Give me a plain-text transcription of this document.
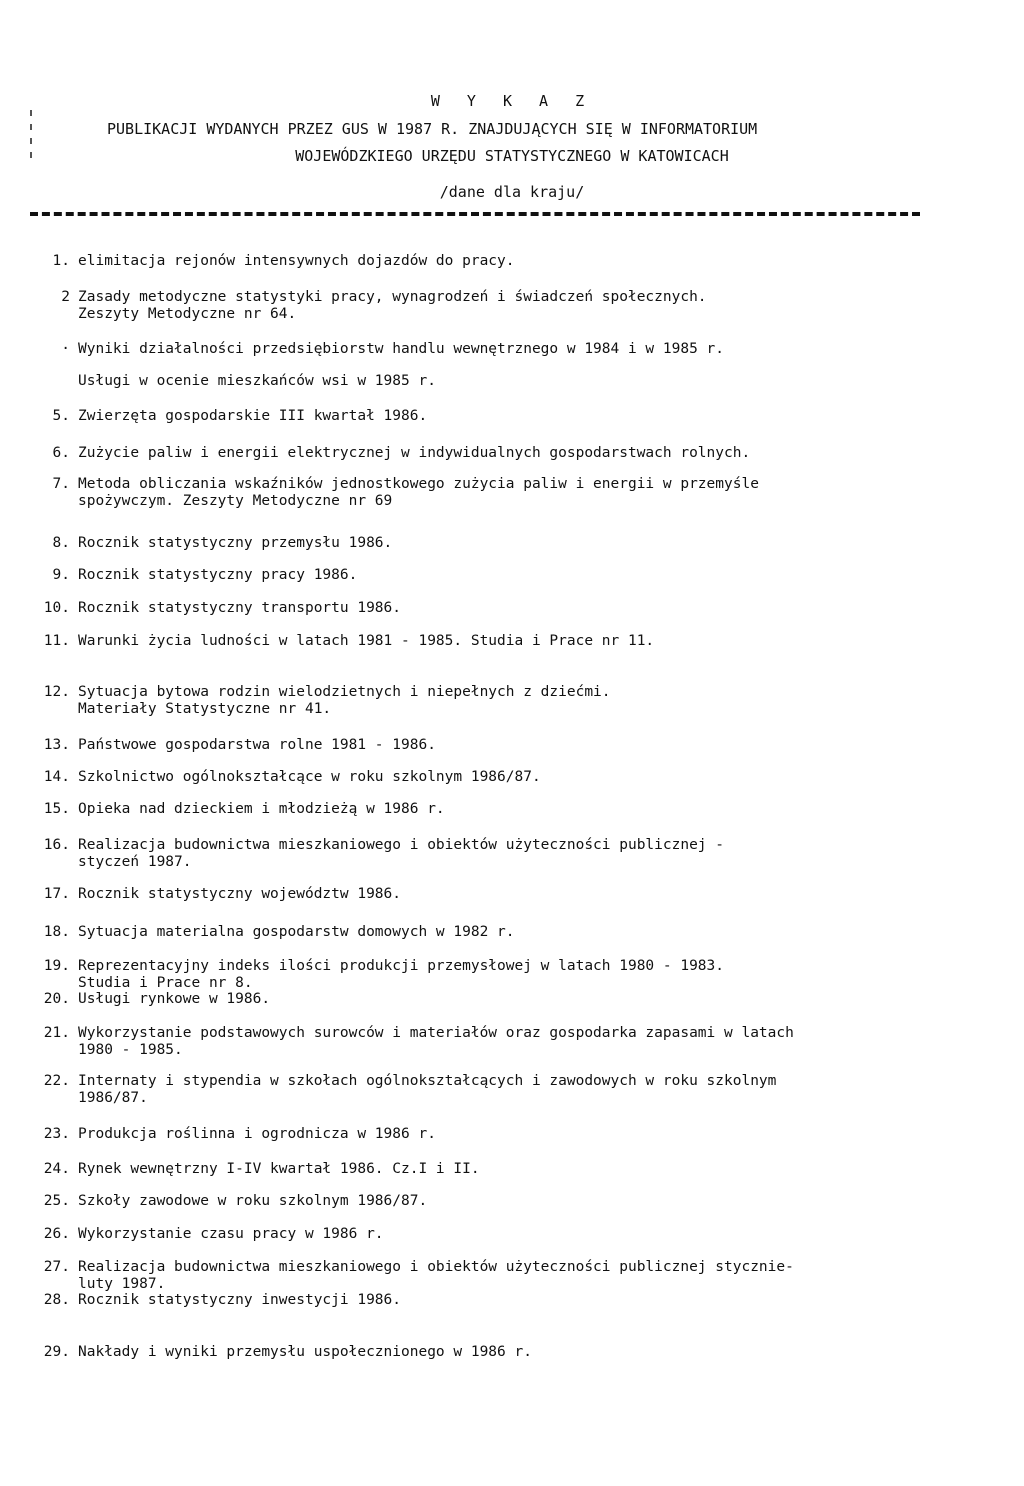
W Y K A Z
PUBLIKACJI WYDANYCH PRZEZ GUS W 1987 R. ZNAJDUJĄCYCH SIĘ W INFORMATORIUM
WOJEWÓDZKIEGO URZĘDU STATYSTYCZNEGO W KATOWICACH
/dane dla kraju/
1. elimitacja rejonów intensywnych dojazdów do pracy.
2 Zasady metodyczne statystyki pracy, wynagrodzeń i świadczeń społecznych.
Zeszyty Metodyczne nr 64.
· Wyniki działalności przedsiębiorstw handlu wewnętrznego w 1984 i w 1985 r.
Usługi w ocenie mieszkańców wsi w 1985 r.
5. Zwierzęta gospodarskie III kwartał 1986.
6. Zużycie paliw i energii elektrycznej w indywidualnych gospodarstwach rolnych.
7. Metoda obliczania wskaźników jednostkowego zużycia paliw i energii w przemyśle
spożywczym. Zeszyty Metodyczne nr 69
8. Rocznik statystyczny przemysłu 1986.
9. Rocznik statystyczny pracy 1986.
10. Rocznik statystyczny transportu 1986.
11. Warunki życia ludności w latach 1981 - 1985. Studia i Prace nr 11.
12. Sytuacja bytowa rodzin wielodzietnych i niepełnych z dziećmi.
Materiały Statystyczne nr 41.
13. Państwowe gospodarstwa rolne 1981 - 1986.
14. Szkolnictwo ogólnokształcące w roku szkolnym 1986/87.
15. Opieka nad dzieckiem i młodzieżą w 1986 r.
16. Realizacja budownictwa mieszkaniowego i obiektów użyteczności publicznej -
styczeń 1987.
17. Rocznik statystyczny województw 1986.
18. Sytuacja materialna gospodarstw domowych w 1982 r.
19. Reprezentacyjny indeks ilości produkcji przemysłowej w latach 1980 - 1983.
Studia i Prace nr 8.
20. Usługi rynkowe w 1986.
21. Wykorzystanie podstawowych surowców i materiałów oraz gospodarka zapasami w latach
1980 - 1985.
22. Internaty i stypendia w szkołach ogólnokształcących i zawodowych w roku szkolnym
1986/87.
23. Produkcja roślinna i ogrodnicza w 1986 r.
24. Rynek wewnętrzny I-IV kwartał 1986. Cz.I i II.
25. Szkoły zawodowe w roku szkolnym 1986/87.
26. Wykorzystanie czasu pracy w 1986 r.
27. Realizacja budownictwa mieszkaniowego i obiektów użyteczności publicznej stycznie-
luty 1987.
28. Rocznik statystyczny inwestycji 1986.
29. Nakłady i wyniki przemysłu uspołecznionego w 1986 r.
